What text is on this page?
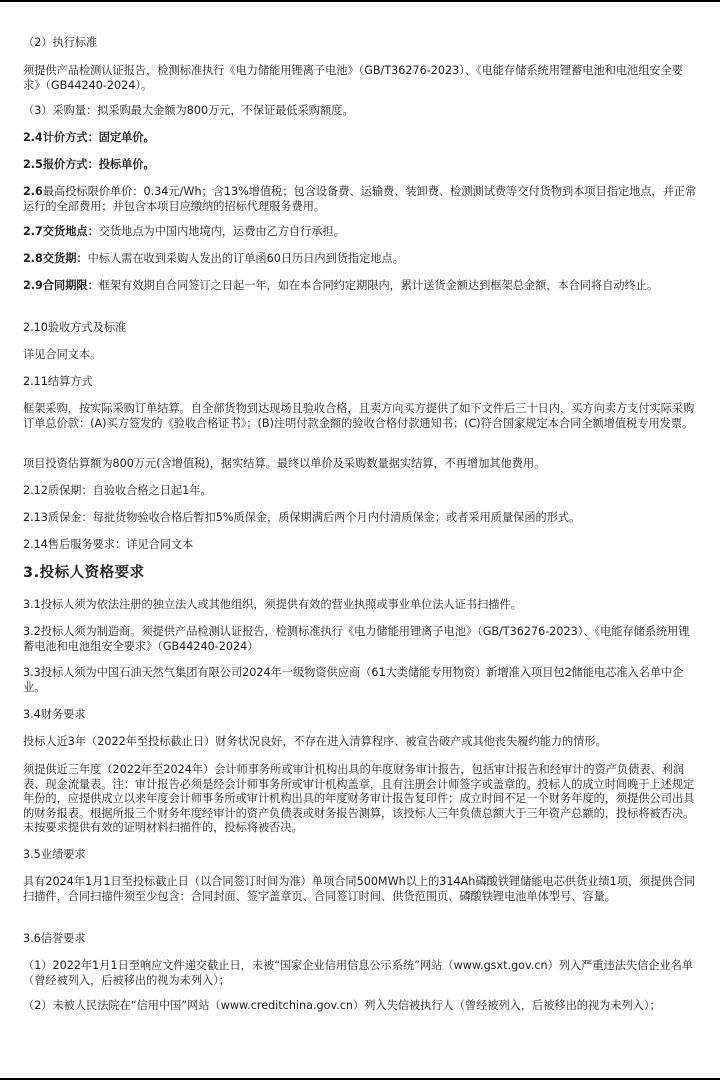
（2）执行标准

须提供产品检测认证报告，检测标准执行《电力储能用锂离子电池》（GB/T36276-2023）、《电能存储系统用锂蓄电池和电池组安全要求》（GB44240-2024）。

（3）采购量：拟采购最大金额为800万元，不保证最低采购额度。

2.4计价方式：固定单价。

2.5报价方式：投标单价。

2.6最高投标限价单价：0.34元/Wh；含13%增值税；包含设备费、运输费、装卸费、检测测试费等交付货物到本项目指定地点，并正常运行的全部费用；并包含本项目应缴纳的招标代理服务费用。

2.7交货地点：交货地点为中国内地境内，运费由乙方自行承担。

2.8交货期：中标人需在收到采购人发出的订单函60日历日内到货指定地点。

2.9合同期限：框架有效期自合同签订之日起一年，如在本合同约定期限内，累计送货金额达到框架总金额，本合同将自动终止。

2.10验收方式及标准

详见合同文本。

2.11结算方式

框架采购，按实际采购订单结算。自全部货物到达现场且验收合格，且卖方向买方提供了如下文件后三十日内，买方向卖方支付实际采购订单总价款：(A)买方签发的《验收合格证书》；(B)注明付款金额的验收合格付款通知书；(C)符合国家规定本合同全额增值税专用发票。

项目投资估算额为800万元(含增值税)，据实结算。最终以单价及采购数量据实结算，不再增加其他费用。

2.12质保期：自验收合格之日起1年。

2.13质保金：每批货物验收合格后暂扣5%质保金，质保期满后两个月内付清质保金；或者采用质量保函的形式。

2.14售后服务要求：详见合同文本

3.投标人资格要求

3.1投标人须为依法注册的独立法人或其他组织，须提供有效的营业执照或事业单位法人证书扫描件。

3.2投标人须为制造商。须提供产品检测认证报告，检测标准执行《电力储能用锂离子电池》（GB/T36276-2023）、《电能存储系统用锂蓄电池和电池组安全要求》（GB44240-2024）

3.3投标人须为中国石油天然气集团有限公司2024年一级物资供应商（61大类储能专用物资）新增准入项目包2储能电芯准入名单中企业。

3.4财务要求

投标人近3年（2022年至投标截止日）财务状况良好，不存在进入清算程序、被宣告破产或其他丧失履约能力的情形。

须提供近三年度（2022年至2024年）会计师事务所或审计机构出具的年度财务审计报告，包括审计报告和经审计的资产负债表、利润表、现金流量表。注：审计报告必须是经会计师事务所或审计机构盖章，且有注册会计师签字或盖章的。投标人的成立时间晚于上述规定年份的，应提供成立以来年度会计师事务所或审计机构出具的年度财务审计报告复印件；成立时间不足一个财务年度的，须提供公司出具的财务报表。根据所报三个财务年度经审计的资产负债表或财务报告测算，该投标人三年负债总额大于三年资产总额的，投标将被否决。未按要求提供有效的证明材料扫描件的，投标将被否决。

3.5业绩要求

具有2024年1月1日至投标截止日（以合同签订时间为准）单项合同500MWh以上的314Ah磷酸铁锂储能电芯供货业绩1项，须提供合同扫描件，合同扫描件须至少包含：合同封面、签字盖章页、合同签订时间、供货范围页、磷酸铁锂电池单体型号、容量。

3.6信誉要求

（1）2022年1月1日至响应文件递交截止日，未被“国家企业信用信息公示系统”网站（www.gsxt.gov.cn）列入严重违法失信企业名单（曾经被列入，后被移出的视为未列入）；

（2）未被人民法院在“信用中国”网站（www.creditchina.gov.cn）列入失信被执行人（曾经被列入，后被移出的视为未列入）；
